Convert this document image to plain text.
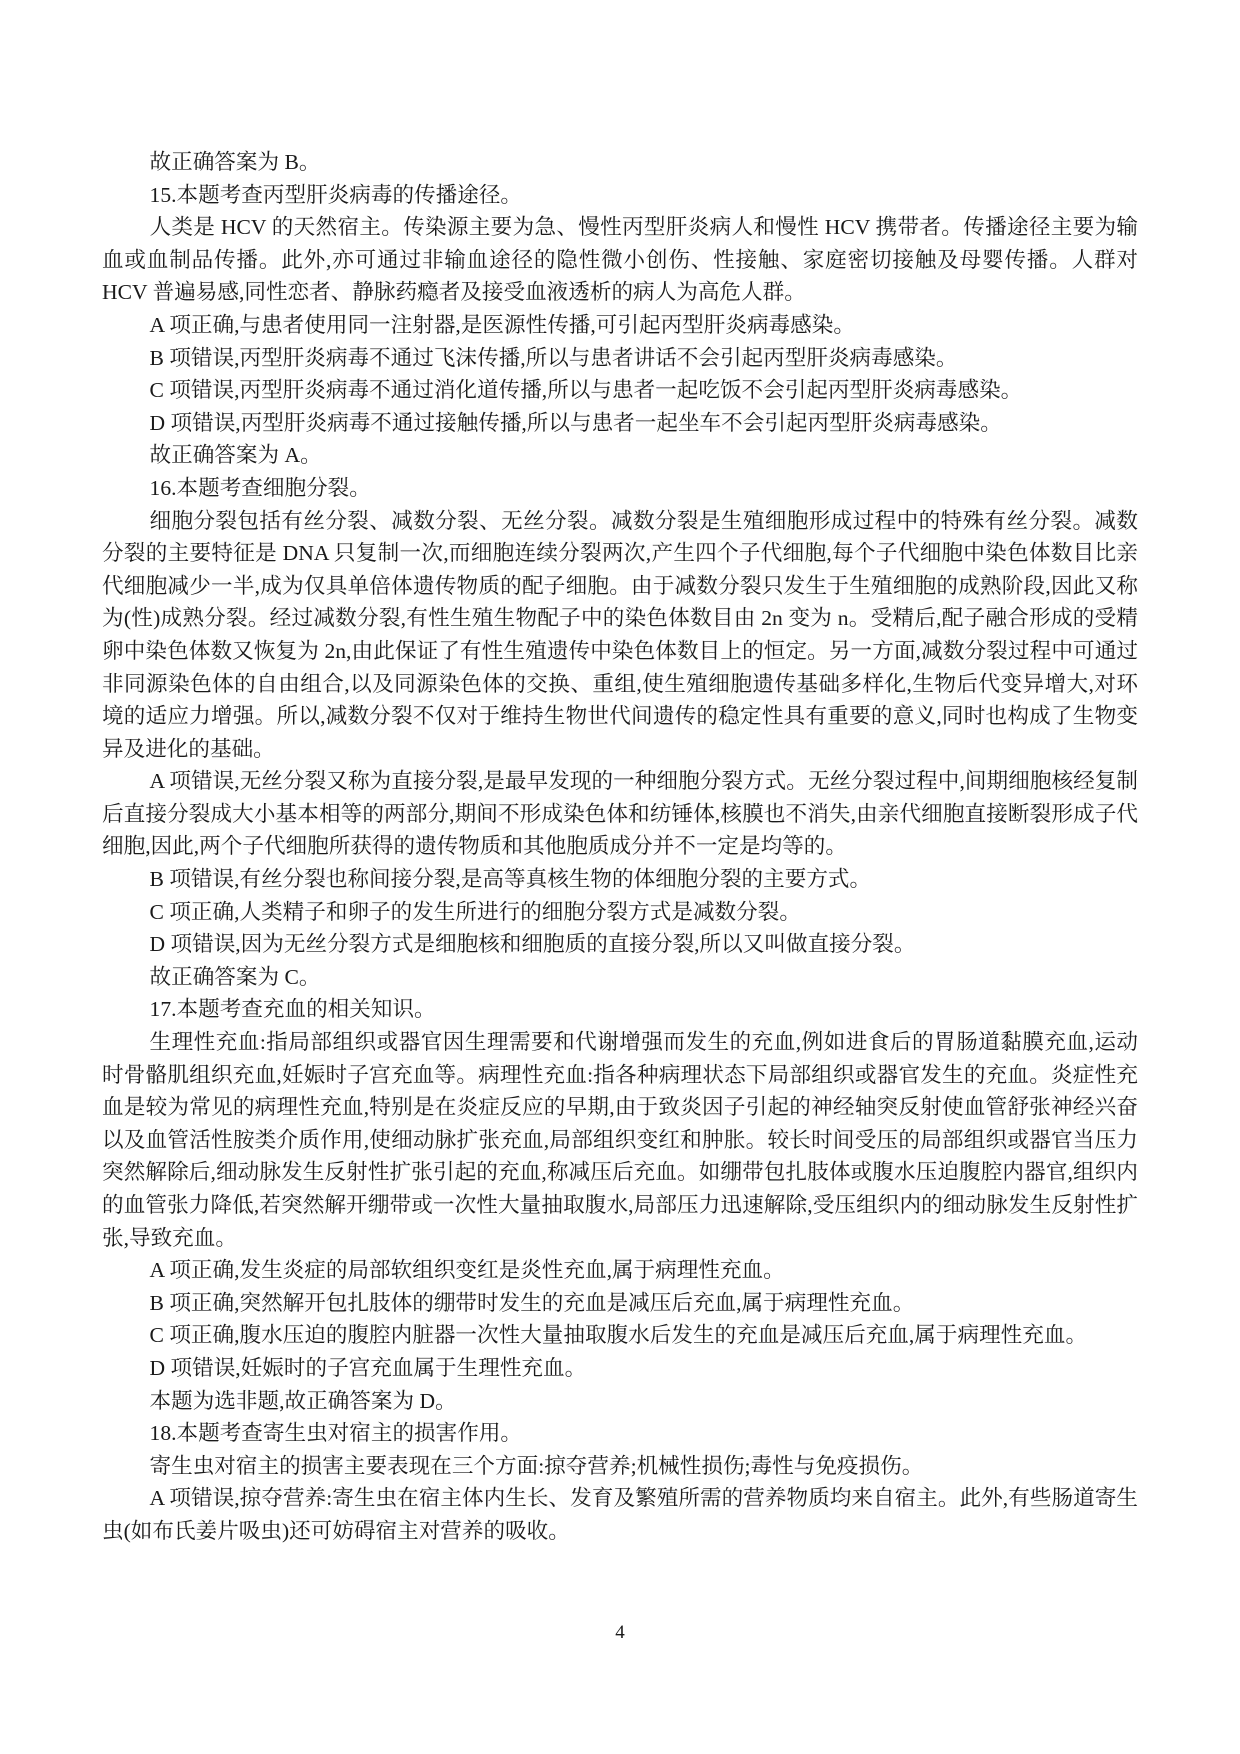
故正确答案为 B。

15.本题考查丙型肝炎病毒的传播途径。

人类是 HCV 的天然宿主。传染源主要为急、慢性丙型肝炎病人和慢性 HCV 携带者。传播途径主要为输血或血制品传播。此外,亦可通过非输血途径的隐性微小创伤、性接触、家庭密切接触及母婴传播。人群对 HCV 普遍易感,同性恋者、静脉药瘾者及接受血液透析的病人为高危人群。

A 项正确,与患者使用同一注射器,是医源性传播,可引起丙型肝炎病毒感染。

B 项错误,丙型肝炎病毒不通过飞沫传播,所以与患者讲话不会引起丙型肝炎病毒感染。

C 项错误,丙型肝炎病毒不通过消化道传播,所以与患者一起吃饭不会引起丙型肝炎病毒感染。

D 项错误,丙型肝炎病毒不通过接触传播,所以与患者一起坐车不会引起丙型肝炎病毒感染。

故正确答案为 A。

16.本题考查细胞分裂。

细胞分裂包括有丝分裂、减数分裂、无丝分裂。减数分裂是生殖细胞形成过程中的特殊有丝分裂。减数分裂的主要特征是 DNA 只复制一次,而细胞连续分裂两次,产生四个子代细胞,每个子代细胞中染色体数目比亲代细胞减少一半,成为仅具单倍体遗传物质的配子细胞。由于减数分裂只发生于生殖细胞的成熟阶段,因此又称为(性)成熟分裂。经过减数分裂,有性生殖生物配子中的染色体数目由 2n 变为 n。受精后,配子融合形成的受精卵中染色体数又恢复为 2n,由此保证了有性生殖遗传中染色体数目上的恒定。另一方面,减数分裂过程中可通过非同源染色体的自由组合,以及同源染色体的交换、重组,使生殖细胞遗传基础多样化,生物后代变异增大,对环境的适应力增强。所以,减数分裂不仅对于维持生物世代间遗传的稳定性具有重要的意义,同时也构成了生物变异及进化的基础。

A 项错误,无丝分裂又称为直接分裂,是最早发现的一种细胞分裂方式。无丝分裂过程中,间期细胞核经复制后直接分裂成大小基本相等的两部分,期间不形成染色体和纺锤体,核膜也不消失,由亲代细胞直接断裂形成子代细胞,因此,两个子代细胞所获得的遗传物质和其他胞质成分并不一定是均等的。

B 项错误,有丝分裂也称间接分裂,是高等真核生物的体细胞分裂的主要方式。

C 项正确,人类精子和卵子的发生所进行的细胞分裂方式是减数分裂。

D 项错误,因为无丝分裂方式是细胞核和细胞质的直接分裂,所以又叫做直接分裂。

故正确答案为 C。

17.本题考查充血的相关知识。

生理性充血:指局部组织或器官因生理需要和代谢增强而发生的充血,例如进食后的胃肠道黏膜充血,运动时骨骼肌组织充血,妊娠时子宫充血等。病理性充血:指各种病理状态下局部组织或器官发生的充血。炎症性充血是较为常见的病理性充血,特别是在炎症反应的早期,由于致炎因子引起的神经轴突反射使血管舒张神经兴奋以及血管活性胺类介质作用,使细动脉扩张充血,局部组织变红和肿胀。较长时间受压的局部组织或器官当压力突然解除后,细动脉发生反射性扩张引起的充血,称减压后充血。如绷带包扎肢体或腹水压迫腹腔内器官,组织内的血管张力降低,若突然解开绷带或一次性大量抽取腹水,局部压力迅速解除,受压组织内的细动脉发生反射性扩张,导致充血。

A 项正确,发生炎症的局部软组织变红是炎性充血,属于病理性充血。

B 项正确,突然解开包扎肢体的绷带时发生的充血是减压后充血,属于病理性充血。

C 项正确,腹水压迫的腹腔内脏器一次性大量抽取腹水后发生的充血是减压后充血,属于病理性充血。

D 项错误,妊娠时的子宫充血属于生理性充血。

本题为选非题,故正确答案为 D。

18.本题考查寄生虫对宿主的损害作用。

寄生虫对宿主的损害主要表现在三个方面:掠夺营养;机械性损伤;毒性与免疫损伤。

A 项错误,掠夺营养:寄生虫在宿主体内生长、发育及繁殖所需的营养物质均来自宿主。此外,有些肠道寄生虫(如布氏姜片吸虫)还可妨碍宿主对营养的吸收。

4
